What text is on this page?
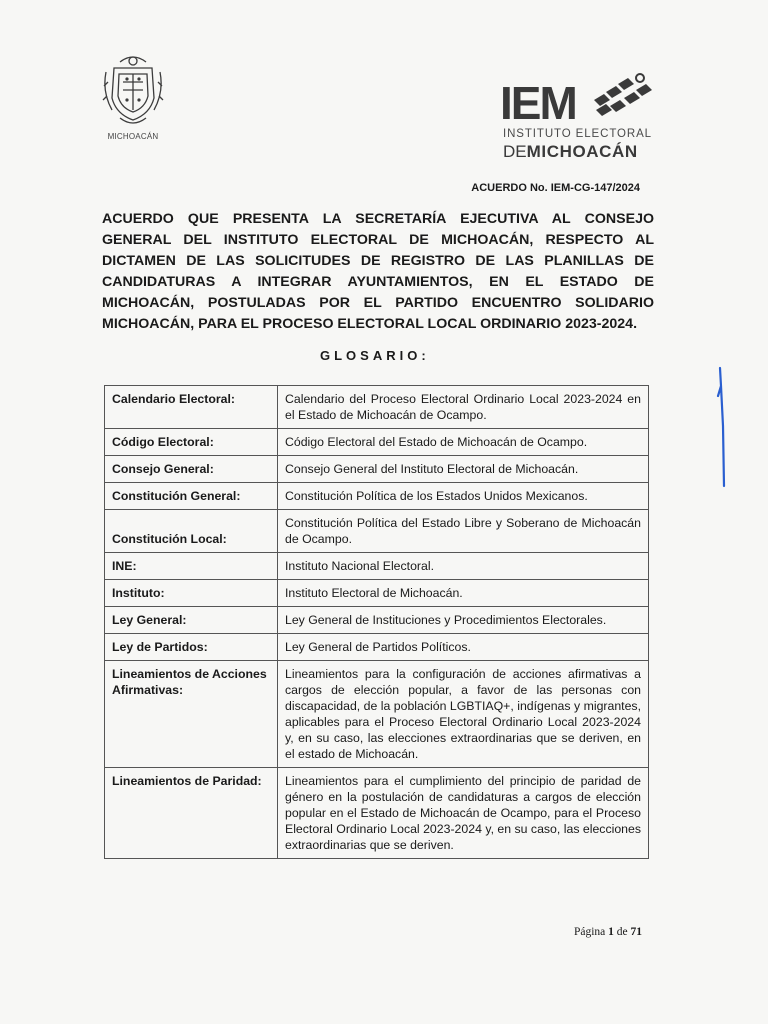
MICHOACÁN
IEM
INSTITUTO ELECTORAL
DEMICHOACÁN
ACUERDO No. IEM-CG-147/2024
ACUERDO QUE PRESENTA LA SECRETARÍA EJECUTIVA AL CONSEJO GENERAL DEL INSTITUTO ELECTORAL DE MICHOACÁN, RESPECTO AL DICTAMEN DE LAS SOLICITUDES DE REGISTRO DE LAS PLANILLAS DE CANDIDATURAS A INTEGRAR AYUNTAMIENTOS, EN EL ESTADO DE MICHOACÁN, POSTULADAS POR EL PARTIDO ENCUENTRO SOLIDARIO MICHOACÁN, PARA EL PROCESO ELECTORAL LOCAL ORDINARIO 2023-2024.
GLOSARIO:
Calendario Electoral:	Calendario del Proceso Electoral Ordinario Local 2023-2024 en el Estado de Michoacán de Ocampo.
Código Electoral:	Código Electoral del Estado de Michoacán de Ocampo.
Consejo General:	Consejo General del Instituto Electoral de Michoacán.
Constitución General:	Constitución Política de los Estados Unidos Mexicanos.
Constitución Local:	Constitución Política del Estado Libre y Soberano de Michoacán de Ocampo.
INE:	Instituto Nacional Electoral.
Instituto:	Instituto Electoral de Michoacán.
Ley General:	Ley General de Instituciones y Procedimientos Electorales.
Ley de Partidos:	Ley General de Partidos Políticos.
Lineamientos de Acciones Afirmativas:	Lineamientos para la configuración de acciones afirmativas a cargos de elección popular, a favor de las personas con discapacidad, de la población LGBTIAQ+, indígenas y migrantes, aplicables para el Proceso Electoral Ordinario Local 2023-2024 y, en su caso, las elecciones extraordinarias que se deriven, en el estado de Michoacán.
Lineamientos de Paridad:	Lineamientos para el cumplimiento del principio de paridad de género en la postulación de candidaturas a cargos de elección popular en el Estado de Michoacán de Ocampo, para el Proceso Electoral Ordinario Local 2023-2024 y, en su caso, las elecciones extraordinarias que se deriven.
Página 1 de 71
